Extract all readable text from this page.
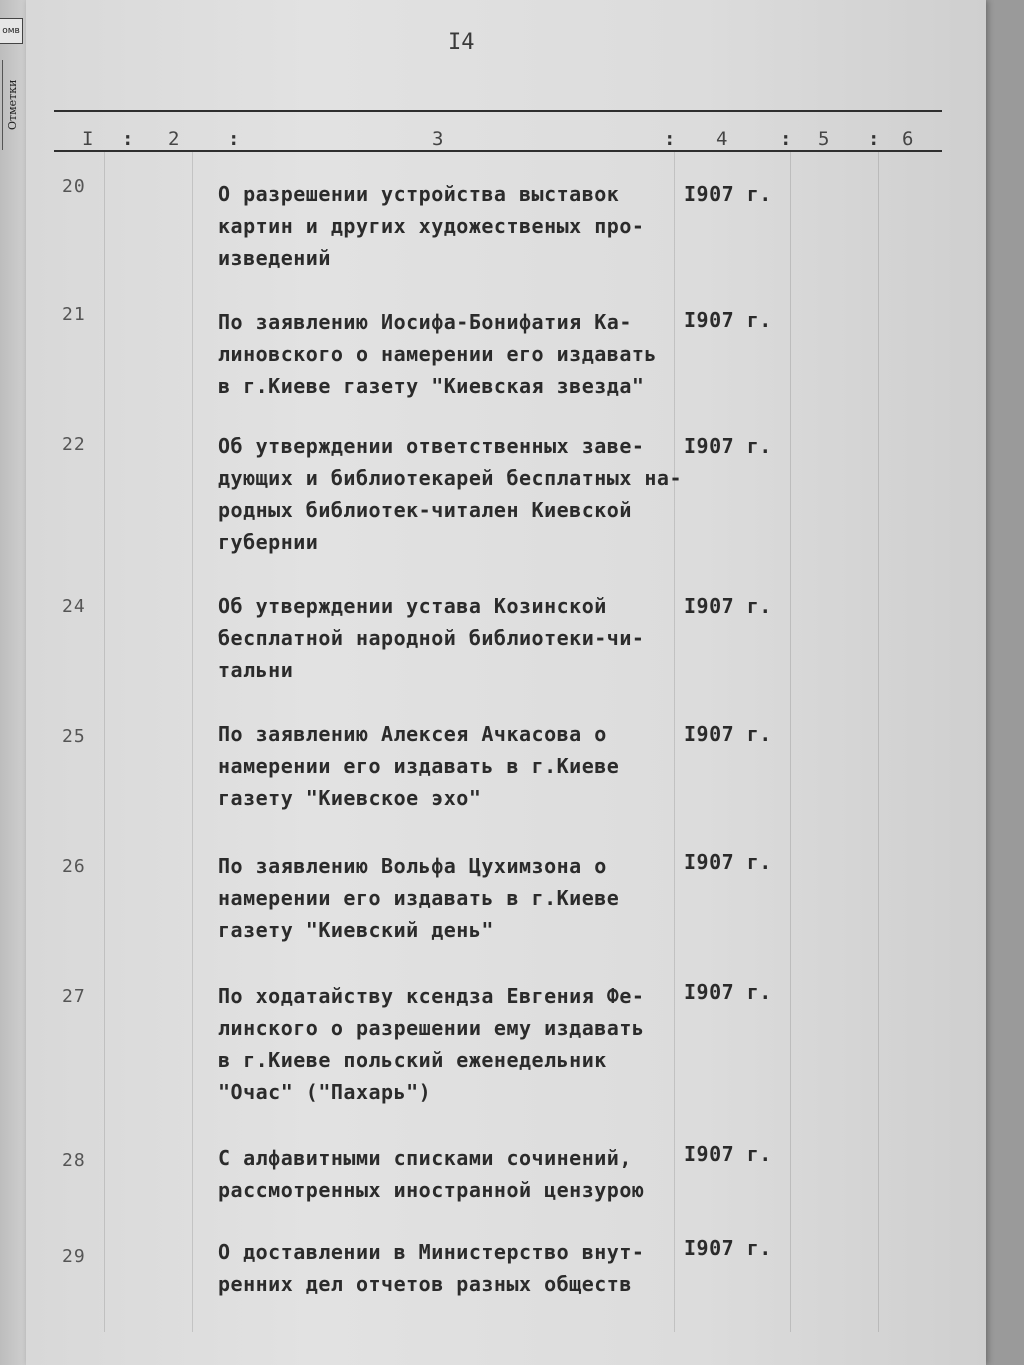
омв
Отметки
I4
I : 2	:	3	: 4	: 5 : 6
20	О разрешении устройства выставок
картин и других художественых про-
изведений
I907 г.
21	По заявлению Иосифа-Бонифатия Ка-
линовского о намерении его издавать
в г.Киеве газету "Киевская звезда"
I907 г.
22	Об утверждении ответственных заве-
дующих и библиотекарей бесплатных на-
родных библиотек-читален Киевской
губернии
I907 г.
24	Об утверждении устава Козинской
бесплатной народной библиотеки-чи-
тальни
I907 г.
25	По заявлению Алексея Ачкасова о
намерении его издавать в г.Киеве
газету "Киевское эхо"
I907 г.
26	По заявлению Вольфа Цухимзона о
намерении его издавать в г.Киеве
газету "Киевский день"
I907 г.
27	По ходатайству ксендза Евгения Фе-
линского о разрешении ему издавать
в г.Киеве польский еженедельник
"Очас" ("Пахарь")
I907 г.
28	С алфавитными списками сочинений,
рассмотренных иностранной цензурою
I907 г.
29	О доставлении в Министерство внут-
ренних дел отчетов разных обществ
I907 г.
